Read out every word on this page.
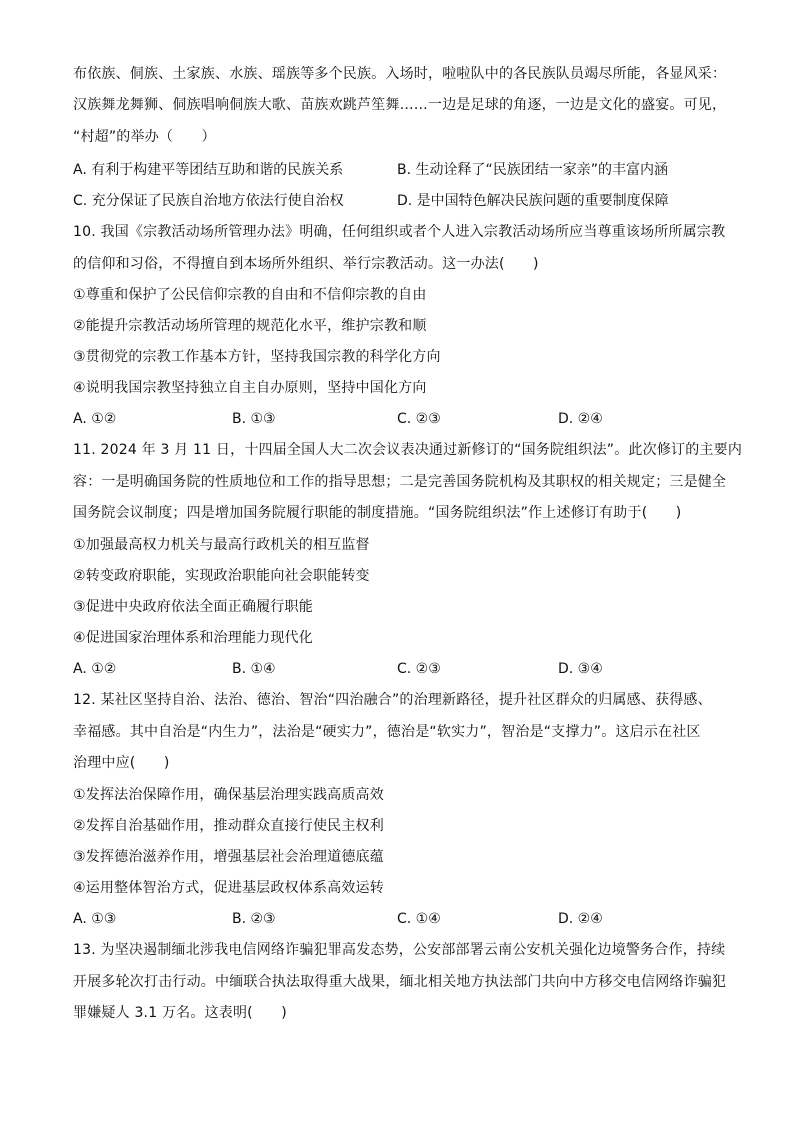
布依族、侗族、土家族、水族、瑶族等多个民族。入场时，啦啦队中的各民族队员竭尽所能，各显风采：
汉族舞龙舞狮、侗族唱响侗族大歌、苗族欢跳芦笙舞……一边是足球的角逐，一边是文化的盛宴。可见，
“村超”的举办（　　）
A. 有利于构建平等团结互助和谐的民族关系	B. 生动诠释了“民族团结一家亲”的丰富内涵
C. 充分保证了民族自治地方依法行使自治权	D. 是中国特色解决民族问题的重要制度保障
10. 我国《宗教活动场所管理办法》明确，任何组织或者个人进入宗教活动场所应当尊重该场所所属宗教
的信仰和习俗，不得擅自到本场所外组织、举行宗教活动。这一办法(　　)
①尊重和保护了公民信仰宗教的自由和不信仰宗教的自由
②能提升宗教活动场所管理的规范化水平，维护宗教和顺
③贯彻党的宗教工作基本方针，坚持我国宗教的科学化方向
④说明我国宗教坚持独立自主自办原则，坚持中国化方向
A. ①②	B. ①③	C. ②③	D. ②④
11. 2024 年 3 月 11 日，十四届全国人大二次会议表决通过新修订的“国务院组织法”。此次修订的主要内
容：一是明确国务院的性质地位和工作的指导思想；二是完善国务院机构及其职权的相关规定；三是健全
国务院会议制度；四是增加国务院履行职能的制度措施。“国务院组织法”作上述修订有助于(　　)
①加强最高权力机关与最高行政机关的相互监督
②转变政府职能，实现政治职能向社会职能转变
③促进中央政府依法全面正确履行职能
④促进国家治理体系和治理能力现代化
A. ①②	B. ①④	C. ②③	D. ③④
12. 某社区坚持自治、法治、德治、智治“四治融合”的治理新路径，提升社区群众的归属感、获得感、
幸福感。其中自治是“内生力”，法治是“硬实力”，德治是“软实力”，智治是“支撑力”。这启示在社区
治理中应(　　)
①发挥法治保障作用，确保基层治理实践高质高效
②发挥自治基础作用，推动群众直接行使民主权利
③发挥德治滋养作用，增强基层社会治理道德底蕴
④运用整体智治方式，促进基层政权体系高效运转
A. ①③	B. ②③	C. ①④	D. ②④
13. 为坚决遏制缅北涉我电信网络诈骗犯罪高发态势，公安部部署云南公安机关强化边境警务合作，持续
开展多轮次打击行动。中缅联合执法取得重大战果，缅北相关地方执法部门共向中方移交电信网络诈骗犯
罪嫌疑人 3.1 万名。这表明(　　)
